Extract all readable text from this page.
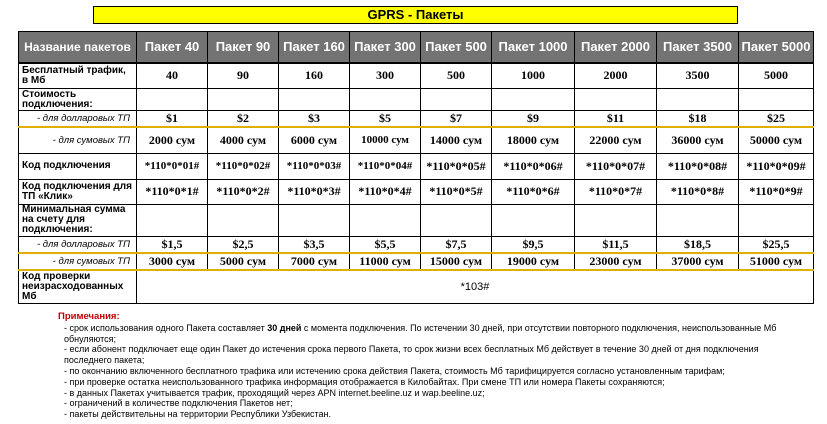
GPRS - Пакеты
Название пакетов	Пакет 40	Пакет 90	Пакет 160	Пакет 300	Пакет 500	Пакет 1000	Пакет 2000	Пакет 3500	Пакет 5000
Бесплатный трафик, в Мб	40	90	160	300	500	1000	2000	3500	5000
Стоимость подключения:									
- для долларовых ТП	$1	$2	$3	$5	$7	$9	$11	$18	$25
- для сумовых ТП	2000 сум	4000 сум	6000 сум	10000 сум	14000 сум	18000 сум	22000 сум	36000 сум	50000 сум
Код подключения	*110*0*01#	*110*0*02#	*110*0*03#	*110*0*04#	*110*0*05#	*110*0*06#	*110*0*07#	*110*0*08#	*110*0*09#
Код подключения для ТП «Клик»	*110*0*1#	*110*0*2#	*110*0*3#	*110*0*4#	*110*0*5#	*110*0*6#	*110*0*7#	*110*0*8#	*110*0*9#
Минимальная сумма на счету для подключения:									
- для долларовых ТП	$1,5	$2,5	$3,5	$5,5	$7,5	$9,5	$11,5	$18,5	$25,5
- для сумовых ТП	3000 сум	5000 сум	7000 сум	11000 сум	15000 сум	19000 сум	23000 сум	37000 сум	51000 сум
Код проверки неизрасходованных Мб	*103#								
Примечания:
- срок использования одного Пакета составляет 30 дней с момента подключения. По истечении 30 дней, при отсутствии повторного подключения, неиспользованные Мб обнуляются;
- если абонент подключает еще один Пакет до истечения срока первого Пакета, то срок жизни всех бесплатных Мб действует в течение 30 дней от дня подключения последнего пакета;
- по окончанию включенного бесплатного трафика или истечению срока действия Пакета, стоимость Мб тарифицируется согласно установленным тарифам;
- при проверке остатка неиспользованного трафика информация отображается в Килобайтах. При смене ТП или номера Пакеты сохраняются;
- в данных Пакетах учитывается трафик, проходящий через APN internet.beeline.uz и wap.beeline.uz;
- ограничений в количестве подключения Пакетов нет;
- пакеты действительны на территории Республики Узбекистан.
